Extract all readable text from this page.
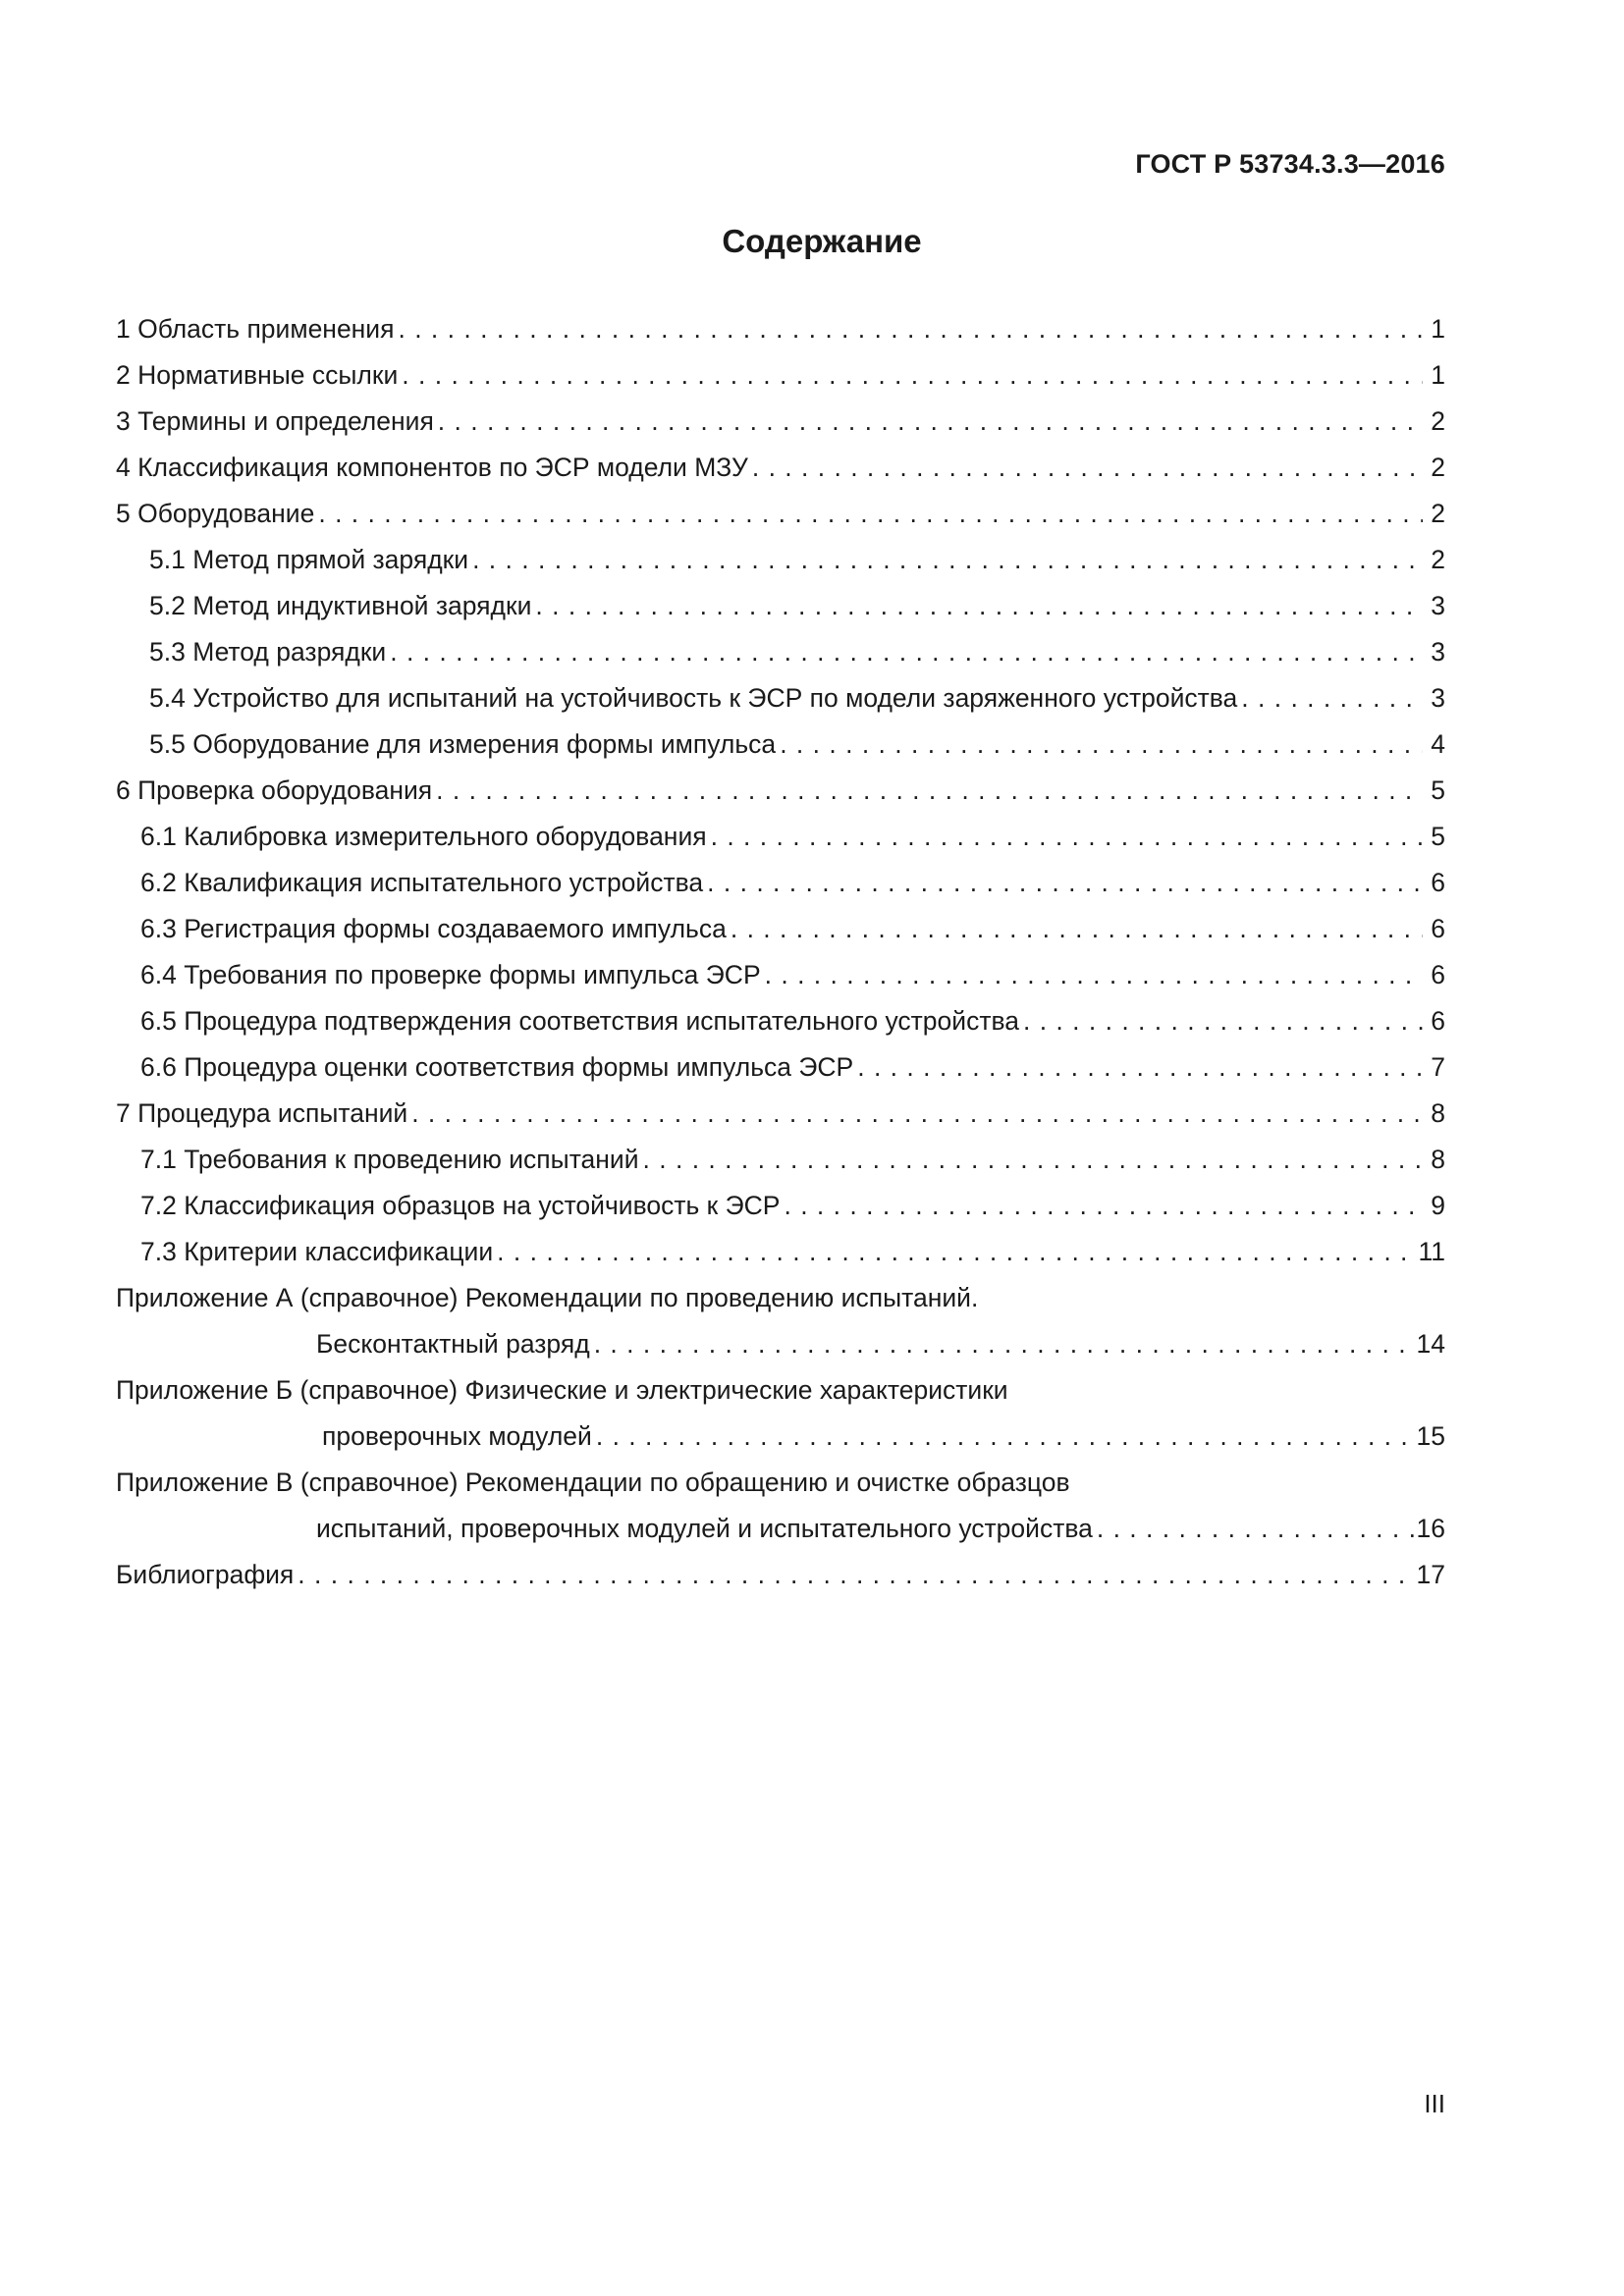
ГОСТ Р 53734.3.3—2016
Содержание
1 Область применения . . .	1
2 Нормативные ссылки . . .	1
3 Термины и определения . . .	2
4 Классификация компонентов по ЭСР модели МЗУ . . .	2
5 Оборудование . . .	2
5.1 Метод прямой зарядки . . .	2
5.2 Метод индуктивной зарядки . . .	3
5.3 Метод разрядки . . .	3
5.4 Устройство для испытаний на устойчивость к ЭСР по модели заряженного устройства . . .	3
5.5 Оборудование для измерения формы импульса . . .	4
6 Проверка оборудования . . .	5
6.1 Калибровка измерительного оборудования . . .	5
6.2 Квалификация испытательного устройства . . .	6
6.3 Регистрация формы создаваемого импульса . . .	6
6.4 Требования по проверке формы импульса ЭСР . . .	6
6.5 Процедура подтверждения соответствия испытательного устройства . . .	6
6.6 Процедура оценки соответствия формы импульса ЭСР . . .	7
7 Процедура испытаний . . .	8
7.1 Требования к проведению испытаний . . .	8
7.2 Классификация образцов на устойчивость к ЭСР . . .	9
7.3 Критерии классификации . . .	11
Приложение А (справочное) Рекомендации по проведению испытаний.
Бесконтактный разряд . . .	14
Приложение Б (справочное) Физические и электрические характеристики
проверочных модулей . . .	15
Приложение В (справочное) Рекомендации по обращению и очистке образцов
испытаний, проверочных модулей и испытательного устройства . . .	16
Библиография . . .	17
III
